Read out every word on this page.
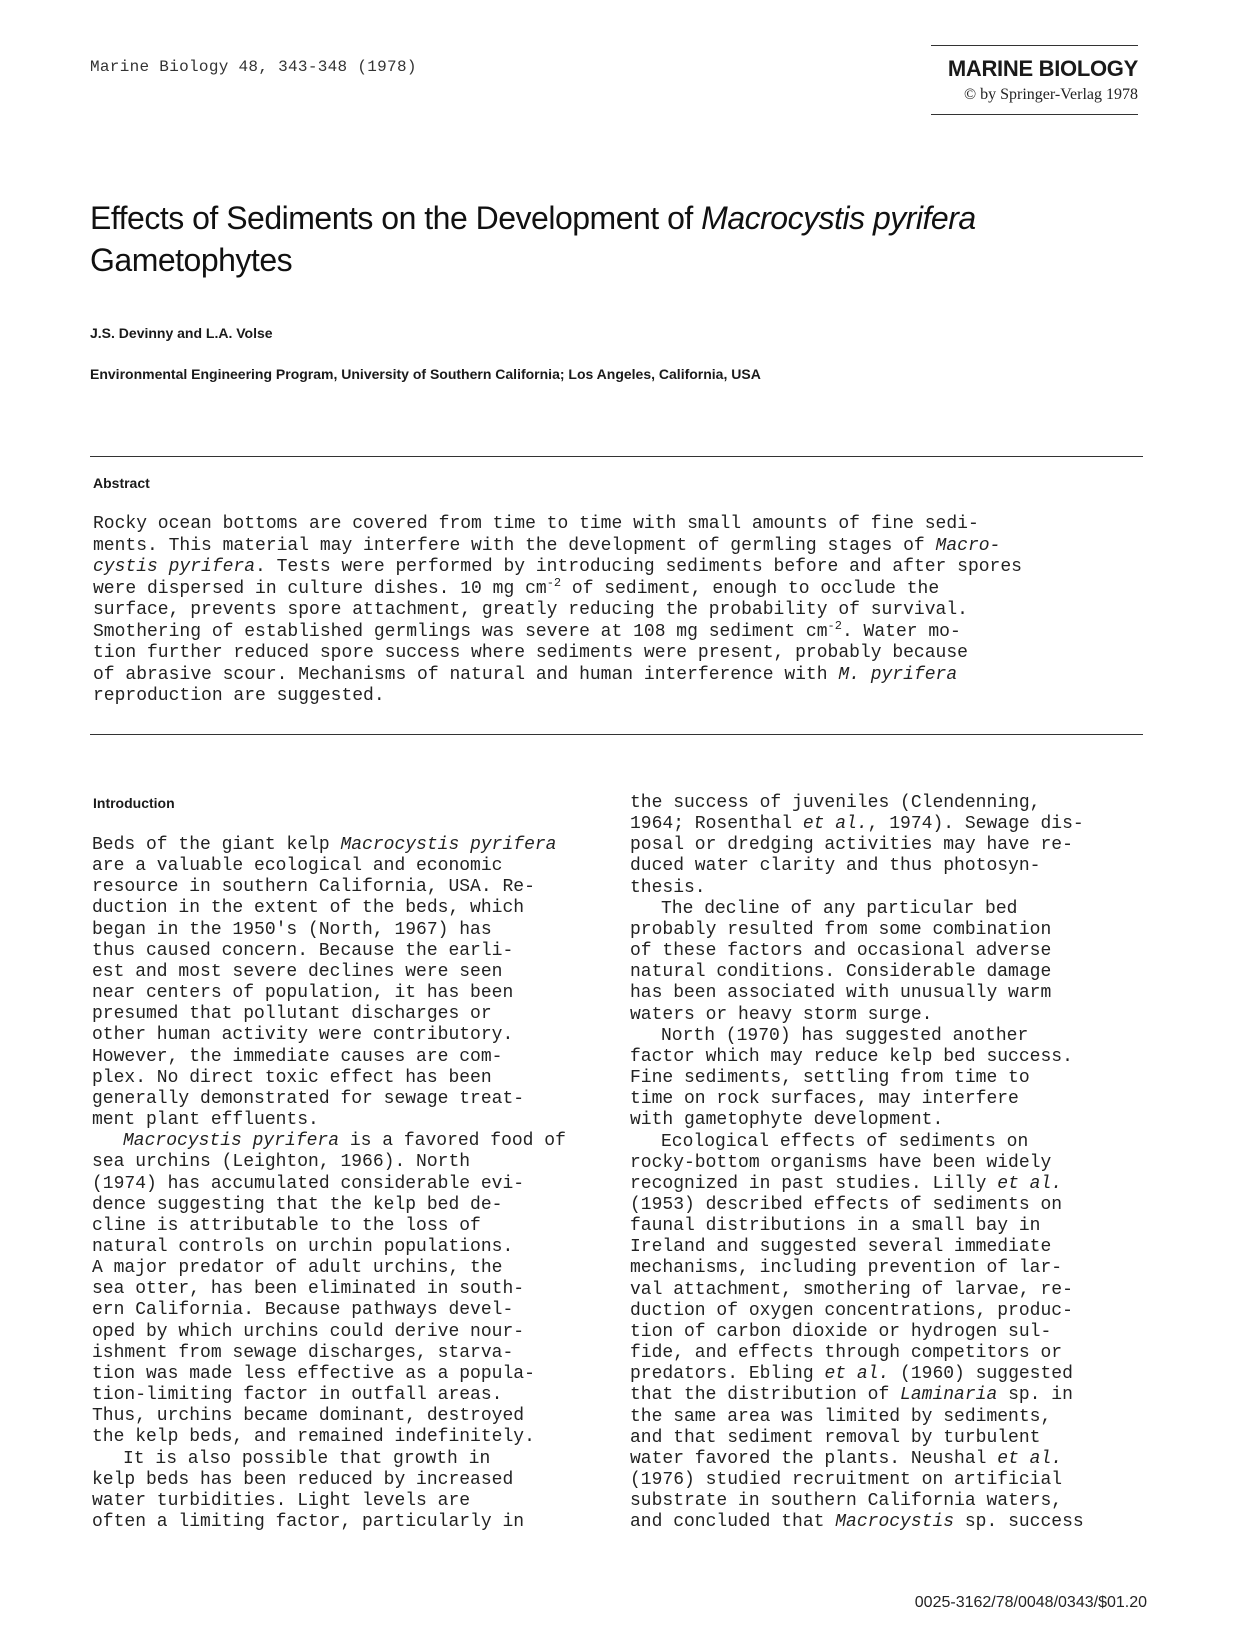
Marine Biology 48, 343-348 (1978)	MARINE BIOLOGY
© by Springer-Verlag 1978
Effects of Sediments on the Development of Macrocystis pyrifera
Gametophytes
J.S. Devinny and L.A. Volse
Environmental Engineering Program, University of Southern California; Los Angeles, California, USA
Abstract
Rocky ocean bottoms are covered from time to time with small amounts of fine sedi-
ments. This material may interfere with the development of germling stages of Macro-
cystis pyrifera. Tests were performed by introducing sediments before and after spores
were dispersed in culture dishes. 10 mg $cm^{-2}$ of sediment, enough to occlude the
surface, prevents spore attachment, greatly reducing the probability of survival.
Smothering of established germlings was severe at 108 mg sediment $cm^{-2}$. Water mo-
tion further reduced spore success where sediments were present, probably because
of abrasive scour. Mechanisms of natural and human interference with M. pyrifera
reproduction are suggested.
Introduction
Beds of the giant kelp Macrocystis pyrifera
are a valuable ecological and economic
resource in southern California, USA. Re-
duction in the extent of the beds, which
began in the 1950's (North, 1967) has
thus caused concern. Because the earli-
est and most severe declines were seen
near centers of population, it has been
presumed that pollutant discharges or
other human activity were contributory.
However, the immediate causes are com-
plex. No direct toxic effect has been
generally demonstrated for sewage treat-
ment plant effluents.
Macrocystis pyrifera is a favored food of
sea urchins (Leighton, 1966). North
(1974) has accumulated considerable evi-
dence suggesting that the kelp bed de-
cline is attributable to the loss of
natural controls on urchin populations.
A major predator of adult urchins, the
sea otter, has been eliminated in south-
ern California. Because pathways devel-
oped by which urchins could derive nour-
ishment from sewage discharges, starva-
tion was made less effective as a popula-
tion-limiting factor in outfall areas.
Thus, urchins became dominant, destroyed
the kelp beds, and remained indefinitely.
It is also possible that growth in
kelp beds has been reduced by increased
water turbidities. Light levels are
often a limiting factor, particularly in
the success of juveniles (Clendenning,
1964; Rosenthal et al., 1974). Sewage dis-
posal or dredging activities may have re-
duced water clarity and thus photosyn-
thesis.
The decline of any particular bed
probably resulted from some combination
of these factors and occasional adverse
natural conditions. Considerable damage
has been associated with unusually warm
waters or heavy storm surge.
North (1970) has suggested another
factor which may reduce kelp bed success.
Fine sediments, settling from time to
time on rock surfaces, may interfere
with gametophyte development.
Ecological effects of sediments on
rocky-bottom organisms have been widely
recognized in past studies. Lilly et al.
(1953) described effects of sediments on
faunal distributions in a small bay in
Ireland and suggested several immediate
mechanisms, including prevention of lar-
val attachment, smothering of larvae, re-
duction of oxygen concentrations, produc-
tion of carbon dioxide or hydrogen sul-
fide, and effects through competitors or
predators. Ebling et al. (1960) suggested
that the distribution of Laminaria sp. in
the same area was limited by sediments,
and that sediment removal by turbulent
water favored the plants. Neushal et al.
(1976) studied recruitment on artificial
substrate in southern California waters,
and concluded that Macrocystis sp. success
0025-3162/78/0048/0343/$01.20
